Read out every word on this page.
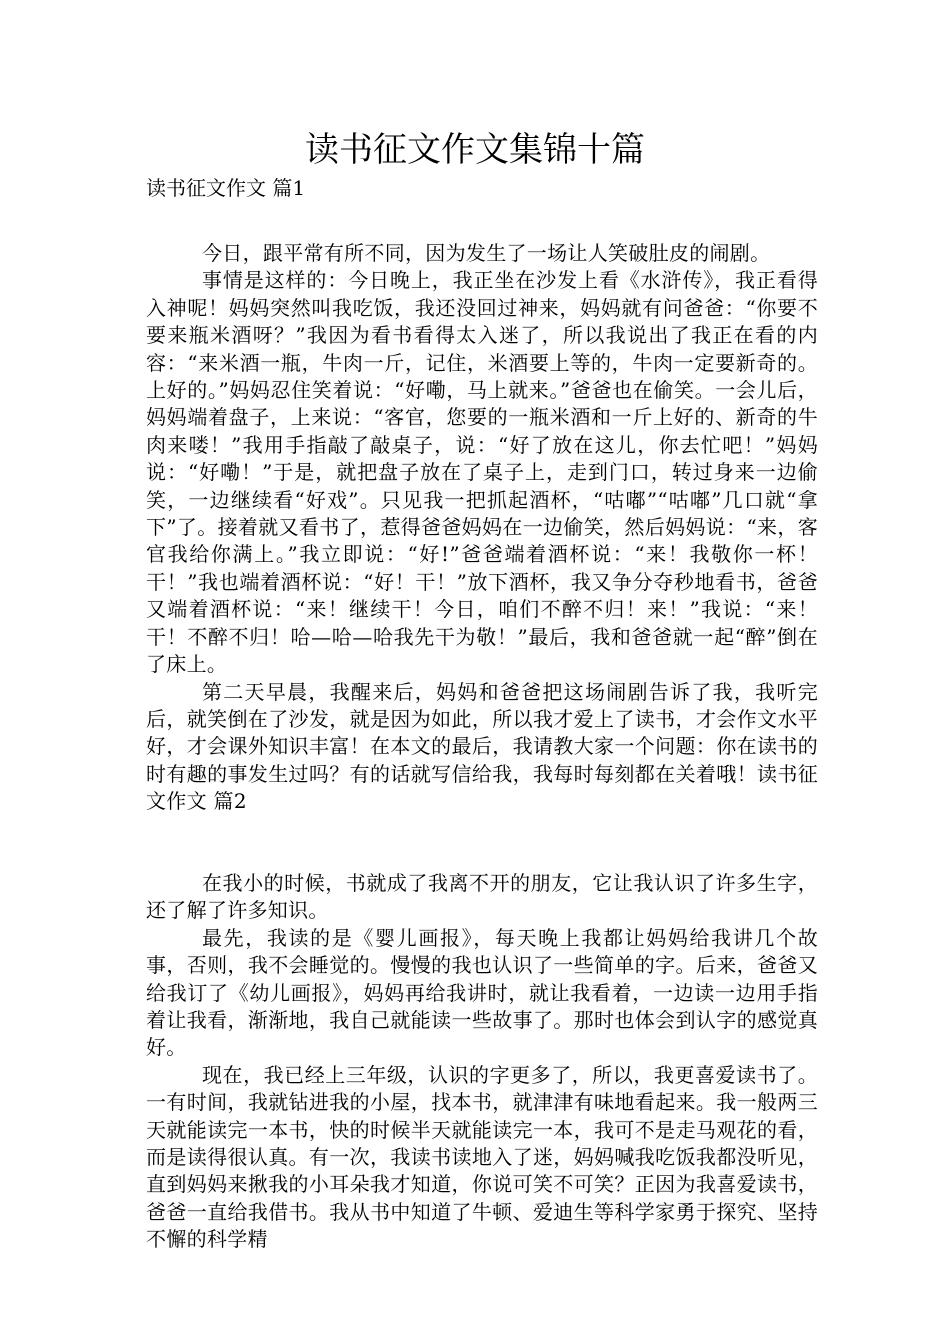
读书征文作文集锦十篇
读书征文作文 篇1

今日，跟平常有所不同，因为发生了一场让人笑破肚皮的闹剧。

事情是这样的：今日晚上，我正坐在沙发上看《水浒传》，我正看得入神呢！妈妈突然叫我吃饭，我还没回过神来，妈妈就有问爸爸：“你要不要来瓶米酒呀？”我因为看书看得太入迷了，所以我说出了我正在看的内容：“来米酒一瓶，牛肉一斤，记住，米酒要上等的，牛肉一定要新奇的。上好的。”妈妈忍住笑着说：“好嘞，马上就来。”爸爸也在偷笑。一会儿后，妈妈端着盘子，上来说：“客官，您要的一瓶米酒和一斤上好的、新奇的牛肉来喽！”我用手指敲了敲桌子，说：“好了放在这儿，你去忙吧！”妈妈说：“好嘞！”于是，就把盘子放在了桌子上，走到门口，转过身来一边偷笑，一边继续看“好戏”。只见我一把抓起酒杯，“咕嘟”“咕嘟”几口就“拿下”了。接着就又看书了，惹得爸爸妈妈在一边偷笑，然后妈妈说：“来，客官我给你满上。”我立即说：“好!”爸爸端着酒杯说：“来！我敬你一杯！干！”我也端着酒杯说：“好！干！”放下酒杯，我又争分夺秒地看书，爸爸又端着酒杯说：“来！继续干！今日，咱们不醉不归！来！”我说：“来！干！不醉不归！哈—哈—哈我先干为敬！”最后，我和爸爸就一起“醉”倒在了床上。

第二天早晨，我醒来后，妈妈和爸爸把这场闹剧告诉了我，我听完后，就笑倒在了沙发，就是因为如此，所以我才爱上了读书，才会作文水平好，才会课外知识丰富！在本文的最后，我请教大家一个问题：你在读书的时有趣的事发生过吗？有的话就写信给我，我每时每刻都在关着哦！读书征文作文 篇2

在我小的时候，书就成了我离不开的朋友，它让我认识了许多生字，还了解了许多知识。

最先，我读的是《婴儿画报》，每天晚上我都让妈妈给我讲几个故事，否则，我不会睡觉的。慢慢的我也认识了一些简单的字。后来，爸爸又给我订了《幼儿画报》，妈妈再给我讲时，就让我看着，一边读一边用手指着让我看，渐渐地，我自己就能读一些故事了。那时也体会到认字的感觉真好。

现在，我已经上三年级，认识的字更多了，所以，我更喜爱读书了。一有时间，我就钻进我的小屋，找本书，就津津有味地看起来。我一般两三天就能读完一本书，快的时候半天就能读完一本，我可不是走马观花的看，而是读得很认真。有一次，我读书读地入了迷，妈妈喊我吃饭我都没听见，直到妈妈来揪我的小耳朵我才知道，你说可笑不可笑？正因为我喜爱读书，爸爸一直给我借书。我从书中知道了牛顿、爱迪生等科学家勇于探究、坚持不懈的科学精
